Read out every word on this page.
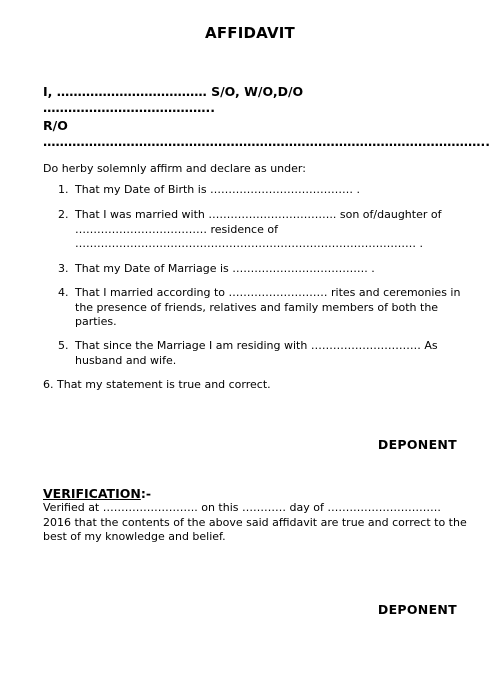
AFFIDAVIT
I, ……………………………… S/O, W/O,D/O
…………………………………..
R/O
……………………………………………………………………………………………..
Do herby solemnly affirm and declare as under:
1. That my Date of Birth is ………………………………… .
2. That I was married with …………………………….. son of/daughter of
……………………………… residence of
………………………………………………………………………………… .
3. That my Date of Marriage is ………………………………. .
4. That I married according to ……………………… rites and ceremonies in
the presence of friends, relatives and family members of both the
parties.
5. That since the Marriage I am residing with ………………………… As
husband and wife.
6. That my statement is true and correct.
DEPONENT
VERIFICATION:-
Verified at …………………….. on this ………… day of ………………………….
2016 that the contents of the above said affidavit are true and correct to the
best of my knowledge and belief.
DEPONENT
